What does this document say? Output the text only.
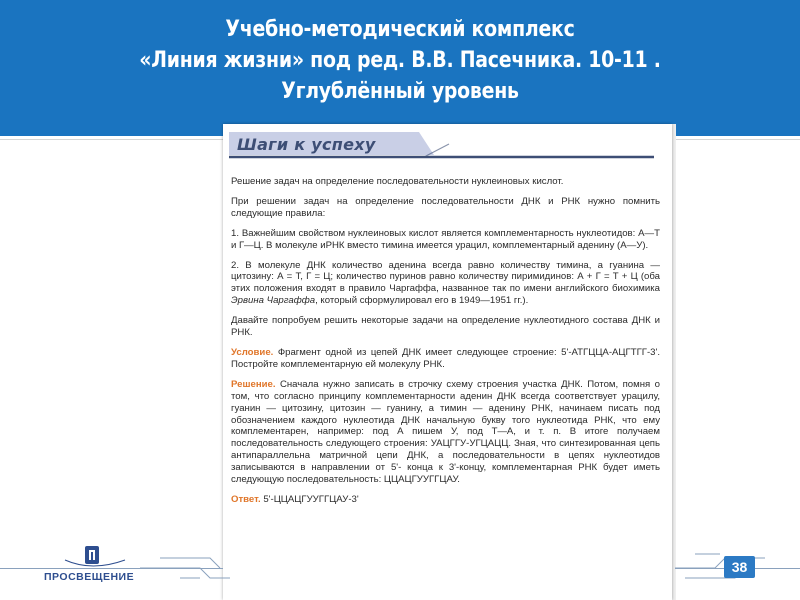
Учебно-методический комплекс
«Линия жизни» под ред. В.В. Пасечника. 10-11 .
Углублённый уровень
Шаги к успеху

Решение задач на определение последовательности нуклеиновых кислот.

При решении задач на определение последовательности ДНК и РНК нужно помнить следующие правила:

1. Важнейшим свойством нуклеиновых кислот является комплементарность нуклеотидов: А—Т и Г—Ц. В молекуле иРНК вместо тимина имеется урацил, комплементарный аденину (А—У).

2. В молекуле ДНК количество аденина всегда равно количеству тимина, а гуанина — цитозину: А = Т, Г = Ц; количество пуринов равно количеству пиримидинов: А + Г = Т + Ц (оба этих положения входят в правило Чаргаффа, названное так по имени английского биохимика Эрвина Чаргаффа, который сформулировал его в 1949—1951 гг.).

Давайте попробуем решить некоторые задачи на определение нуклеотидного состава ДНК и РНК.

Условие. Фрагмент одной из цепей ДНК имеет следующее строение: 5'-АТГЦЦА-АЦГТГГ-3'. Постройте комплементарную ей молекулу РНК.

Решение. Сначала нужно записать в строчку схему строения участка ДНК. Потом, помня о том, что согласно принципу комплементарности аденин ДНК всегда соответствует урацилу, гуанин — цитозину, цитозин — гуанину, а тимин — аденину РНК, начинаем писать под обозначением каждого нуклеотида ДНК начальную букву того нуклеотида РНК, что ему комплементарен, например: под А пишем У, под Т—А, и т. п. В итоге получаем последовательность следующего строения: УАЦГГУ-УГЦАЦЦ. Зная, что синтезированная цепь антипараллельна матричной цепи ДНК, а последовательности в цепях нуклеотидов записываются в направлении от 5'- конца к 3'-концу, комплементарная РНК будет иметь следующую последовательность: ЦЦАЦГУУГГЦАУ.

Ответ. 5'-ЦЦАЦГУУГГЦАУ-3'

ПРОСВЕЩЕНИЕ
38
